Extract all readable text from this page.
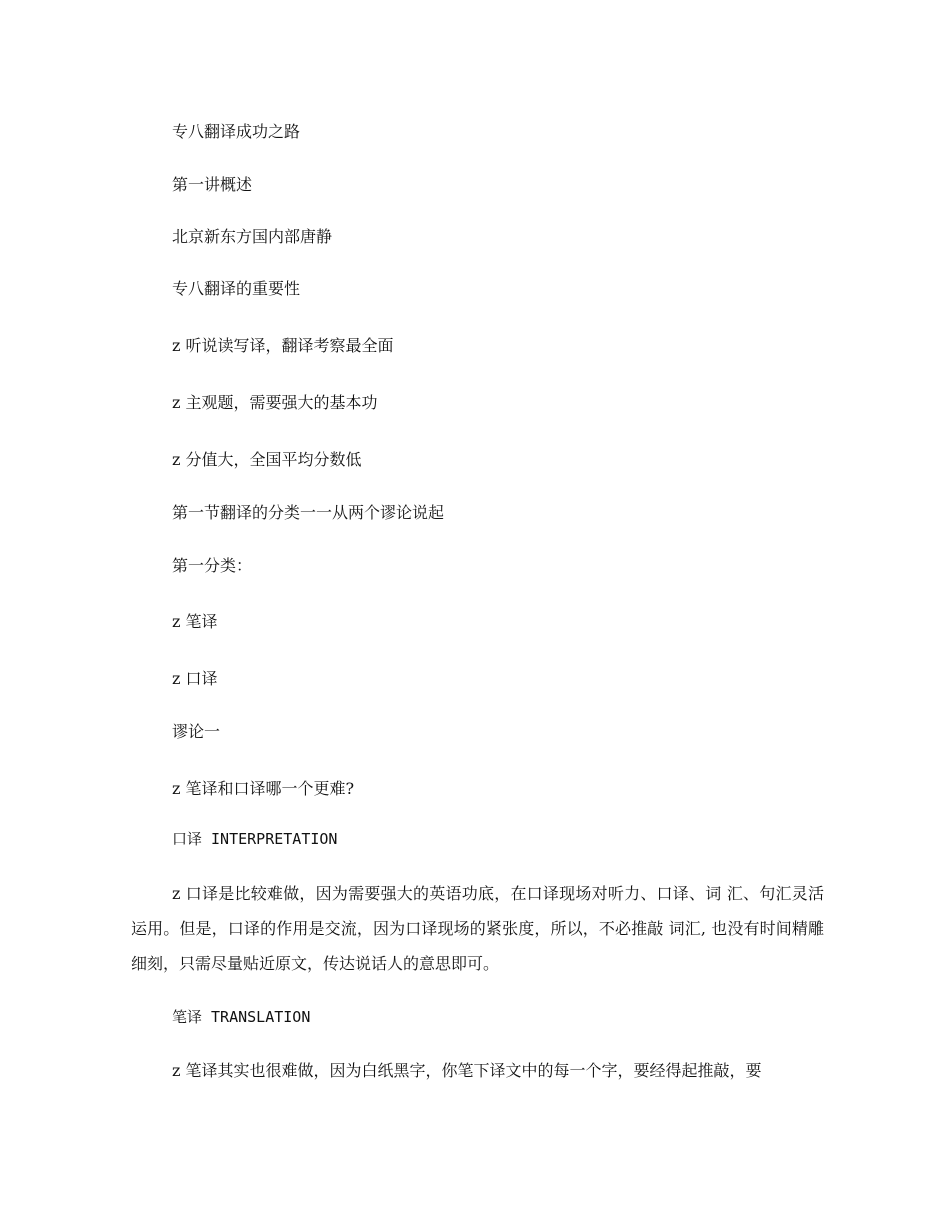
专八翻译成功之路
第一讲概述
北京新东方国内部唐静
专八翻译的重要性
z 听说读写译，翻译考察最全面
z 主观题，需要强大的基本功
z 分值大，全国平均分数低
第一节翻译的分类一一从两个谬论说起
第一分类：
z 笔译
z 口译
谬论一
z 笔译和口译哪一个更难?
口译 INTERPRETATION
z 口译是比较难做，因为需要强大的英语功底，在口译现场对听力、口译、词 汇、句汇灵活运用。但是，口译的作用是交流，因为口译现场的紧张度，所以，不必推敲 词汇, 也没有时间精雕细刻，只需尽量贴近原文，传达说话人的意思即可。
笔译 TRANSLATION
z 笔译其实也很难做，因为白纸黑字，你笔下译文中的每一个字，要经得起推敲，要
